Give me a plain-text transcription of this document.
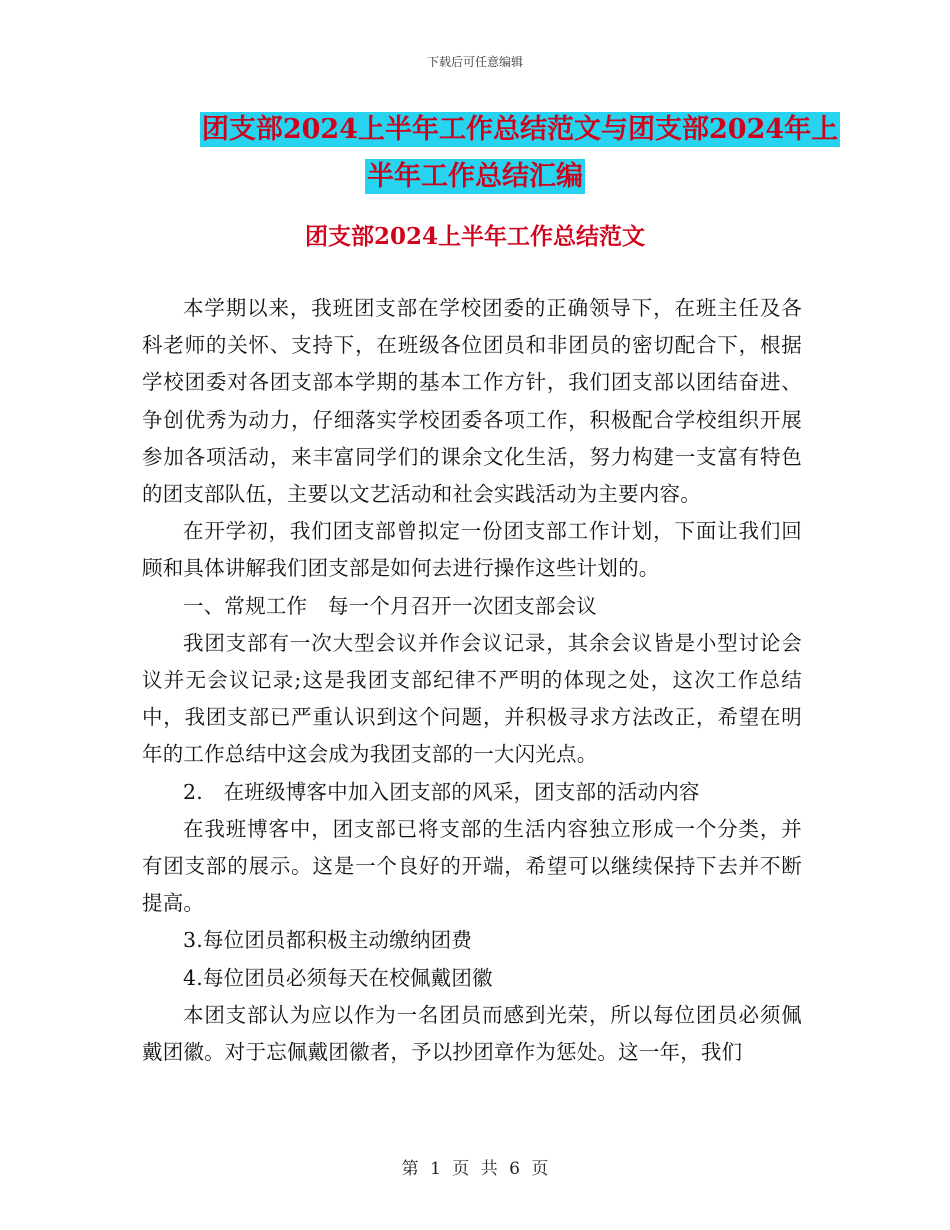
下载后可任意编辑
团支部2024上半年工作总结范文与团支部2024年上
半年工作总结汇编
团支部2024上半年工作总结范文

本学期以来，我班团支部在学校团委的正确领导下，在班主任及各科老师的关怀、支持下，在班级各位团员和非团员的密切配合下，根据学校团委对各团支部本学期的基本工作方针，我们团支部以团结奋进、争创优秀为动力，仔细落实学校团委各项工作，积极配合学校组织开展参加各项活动，来丰富同学们的课余文化生活，努力构建一支富有特色的团支部队伍，主要以文艺活动和社会实践活动为主要内容。

在开学初，我们团支部曾拟定一份团支部工作计划，下面让我们回顾和具体讲解我们团支部是如何去进行操作这些计划的。

一、常规工作　每一个月召开一次团支部会议

我团支部有一次大型会议并作会议记录，其余会议皆是小型讨论会议并无会议记录;这是我团支部纪律不严明的体现之处，这次工作总结中，我团支部已严重认识到这个问题，并积极寻求方法改正，希望在明年的工作总结中这会成为我团支部的一大闪光点。

2.　在班级博客中加入团支部的风采，团支部的活动内容

在我班博客中，团支部已将支部的生活内容独立形成一个分类，并有团支部的展示。这是一个良好的开端，希望可以继续保持下去并不断提高。

3.每位团员都积极主动缴纳团费

4.每位团员必须每天在校佩戴团徽

本团支部认为应以作为一名团员而感到光荣，所以每位团员必须佩戴团徽。对于忘佩戴团徽者，予以抄团章作为惩处。这一年，我们

第 1 页 共 6 页
